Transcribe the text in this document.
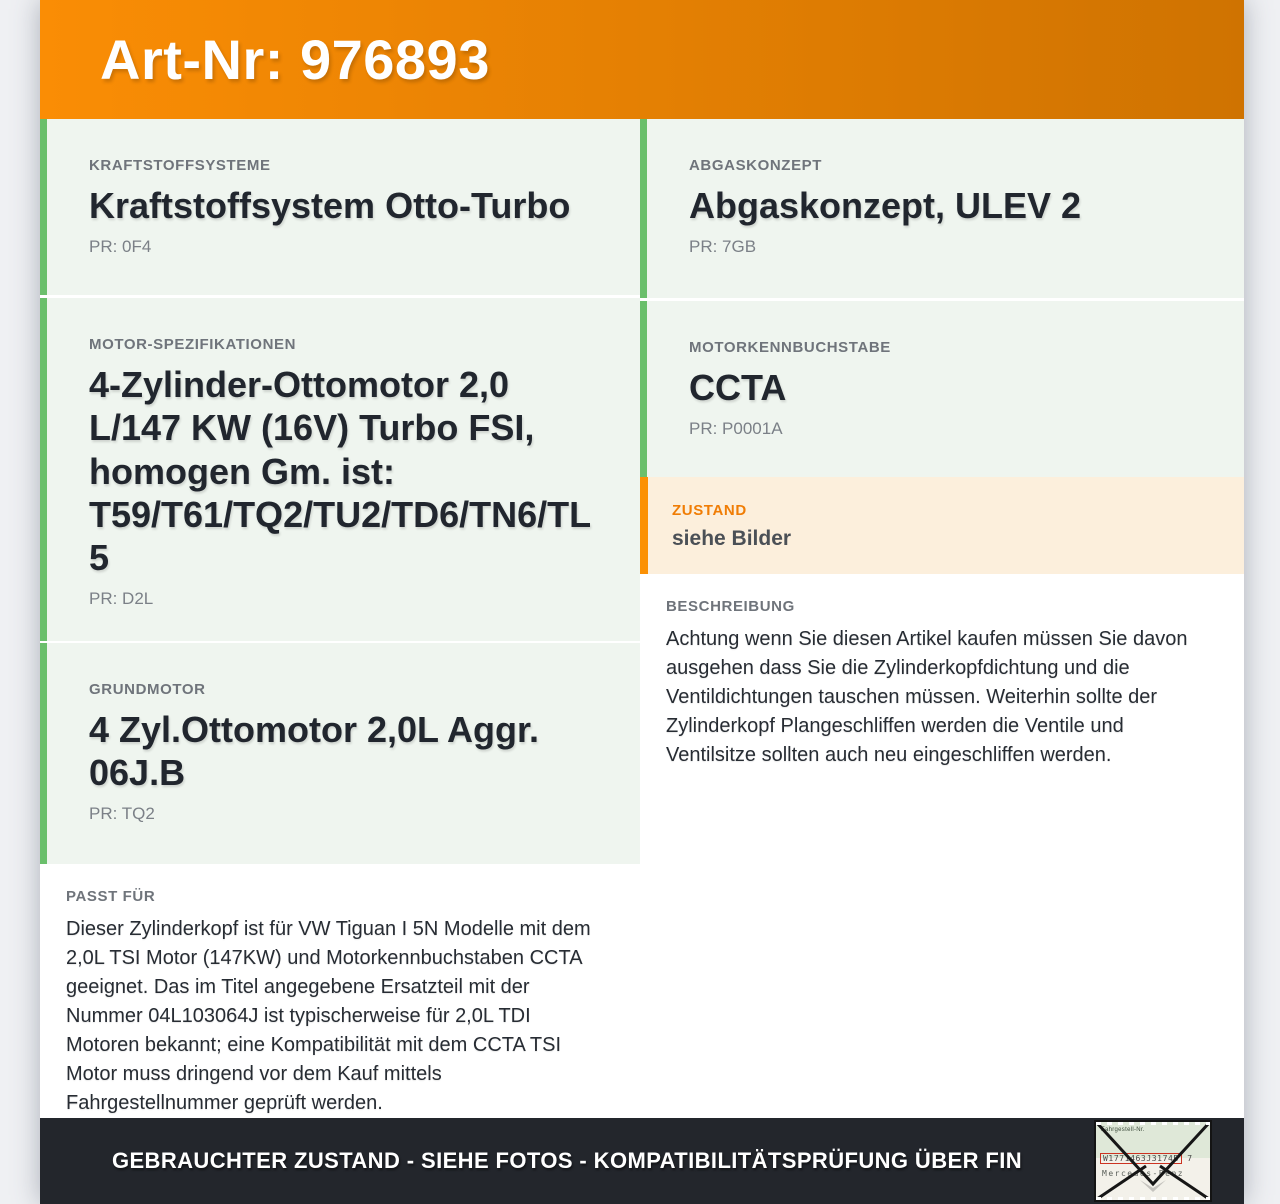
Art-Nr: 976893
KRAFTSTOFFSYSTEME
Kraftstoffsystem Otto-Turbo
PR: 0F4
MOTOR-SPEZIFIKATIONEN
4-Zylinder-Ottomotor 2,0 L/147 KW (16V) Turbo FSI, homogen Gm. ist: T59/T61/TQ2/TU2/TD6/TN6/TL5
PR: D2L
GRUNDMOTOR
4 Zyl.Ottomotor 2,0L Aggr. 06J.B
PR: TQ2
PASST FÜR

Dieser Zylinderkopf ist für VW Tiguan I 5N Modelle mit dem 2,0L TSI Motor (147KW) und Motorkennbuchstaben CCTA geeignet. Das im Titel angegebene Ersatzteil mit der Nummer 04L103064J ist typischerweise für 2,0L TDI Motoren bekannt; eine Kompatibilität mit dem CCTA TSI Motor muss dringend vor dem Kauf mittels Fahrgestellnummer geprüft werden.

ABGASKONZEPT
Abgaskonzept, ULEV 2
PR: 7GB
MOTORKENNBUCHSTABE
CCTA
PR: P0001A
ZUSTAND
siehe Bilder
BESCHREIBUNG

Achtung wenn Sie diesen Artikel kaufen müssen Sie davon ausgehen dass Sie die Zylinderkopfdichtung und die Ventildichtungen tauschen müssen. Weiterhin sollte der Zylinderkopf Plangeschliffen werden die Ventile und Ventilsitze sollten auch neu eingeschliffen werden.

GEBRAUCHTER ZUSTAND - SIEHE FOTOS - KOMPATIBILITÄTSPRÜFUNG ÜBER FIN
Fahrgestell-Nr.
W1771463J3174B 7
Mercedes-Benz
